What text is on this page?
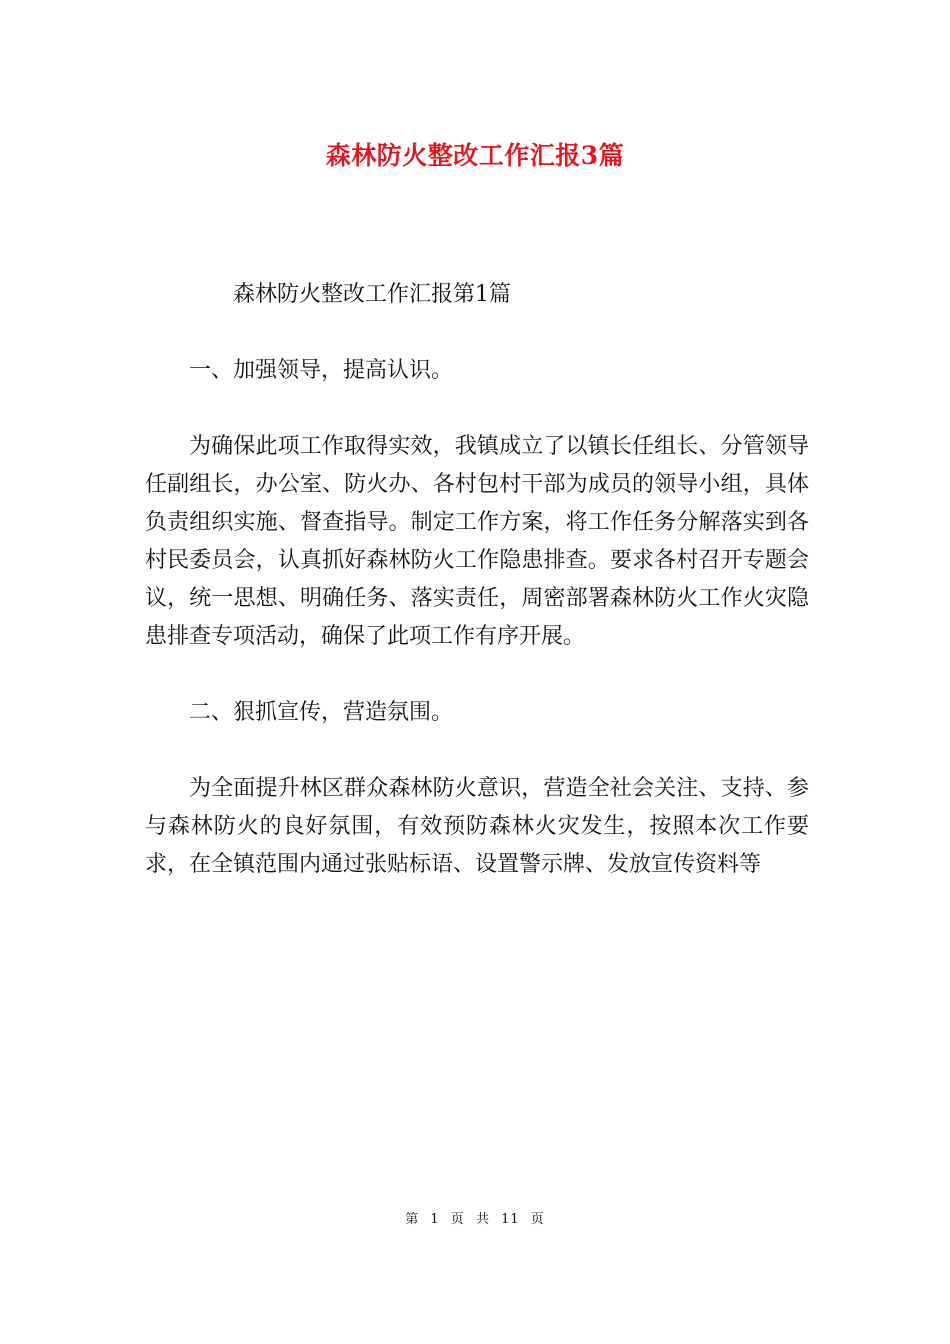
森林防火整改工作汇报3篇

森林防火整改工作汇报第1篇

一、加强领导，提高认识。

为确保此项工作取得实效，我镇成立了以镇长任组长、分管领导任副组长，办公室、防火办、各村包村干部为成员的领导小组，具体负责组织实施、督查指导。制定工作方案，将工作任务分解落实到各村民委员会，认真抓好森林防火工作隐患排查。要求各村召开专题会议，统一思想、明确任务、落实责任，周密部署森林防火工作火灾隐患排查专项活动，确保了此项工作有序开展。

二、狠抓宣传，营造氛围。

为全面提升林区群众森林防火意识，营造全社会关注、支持、参与森林防火的良好氛围，有效预防森林火灾发生，按照本次工作要求，在全镇范围内通过张贴标语、设置警示牌、发放宣传资料等

第 1 页 共 11 页
